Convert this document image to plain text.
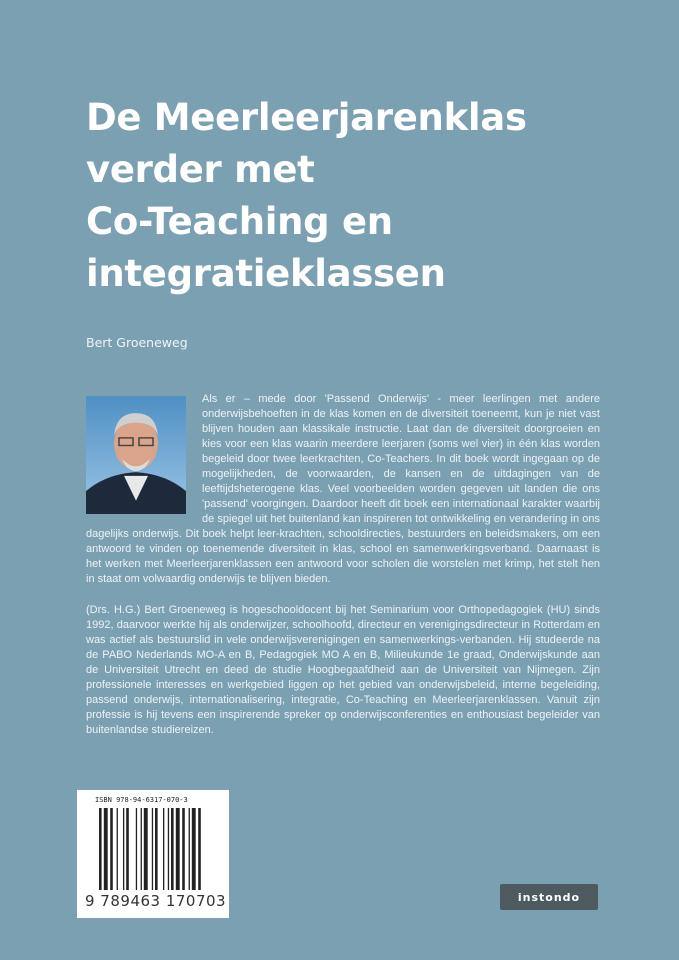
De Meerleerjarenklas
verder met
Co-Teaching en
integratieklassen
Bert Groeneweg
Als er – mede door 'Passend Onderwijs' - meer leerlingen met andere onderwijsbehoeften in de klas komen en de diversiteit toeneemt, kun je niet vast blijven houden aan klassikale instructie. Laat dan de diversiteit doorgroeien en kies voor een klas waarin meerdere leerjaren (soms wel vier) in één klas worden begeleid door twee leerkrachten, Co-Teachers. In dit boek wordt ingegaan op de mogelijkheden, de voorwaarden, de kansen en de uitdagingen van de leeftijdsheterogene klas. Veel voorbeelden worden gegeven uit landen die ons 'passend' voorgingen. Daardoor heeft dit boek een internationaal karakter waarbij de spiegel uit het buitenland kan inspireren tot ontwikkeling en verandering in ons dagelijks onderwijs. Dit boek helpt leer-krachten, schooldirecties, bestuurders en beleidsmakers, om een antwoord te vinden op toenemende diversiteit in klas, school en samenwerkingsverband. Daarnaast is het werken met Meerleerjarenklassen een antwoord voor scholen die worstelen met krimp, het stelt hen in staat om volwaardig onderwijs te blijven bieden.
(Drs. H.G.) Bert Groeneweg is hogeschooldocent bij het Seminarium voor Orthopedagogiek (HU) sinds 1992, daarvoor werkte hij als onderwijzer, schoolhoofd, directeur en verenigingsdirecteur in Rotterdam en was actief als bestuurslid in vele onderwijsverenigingen en samenwerkings-verbanden. Hij studeerde na de PABO Nederlands MO-A en B, Pedagogiek MO A en B, Milieukunde 1e graad, Onderwijskunde aan de Universiteit Utrecht en deed de studie Hoogbegaafdheid aan de Universiteit van Nijmegen. Zijn professionele interesses en werkgebied liggen op het gebied van onderwijsbeleid, interne begeleiding, passend onderwijs, internationalisering, integratie, Co-Teaching en Meerleerjarenklassen. Vanuit zijn professie is hij tevens een inspirerende spreker op onderwijsconferenties en enthousiast begeleider van buitenlandse studiereizen.
ISBN 978-94-6317-070-3
9 789463 170703	instondo
